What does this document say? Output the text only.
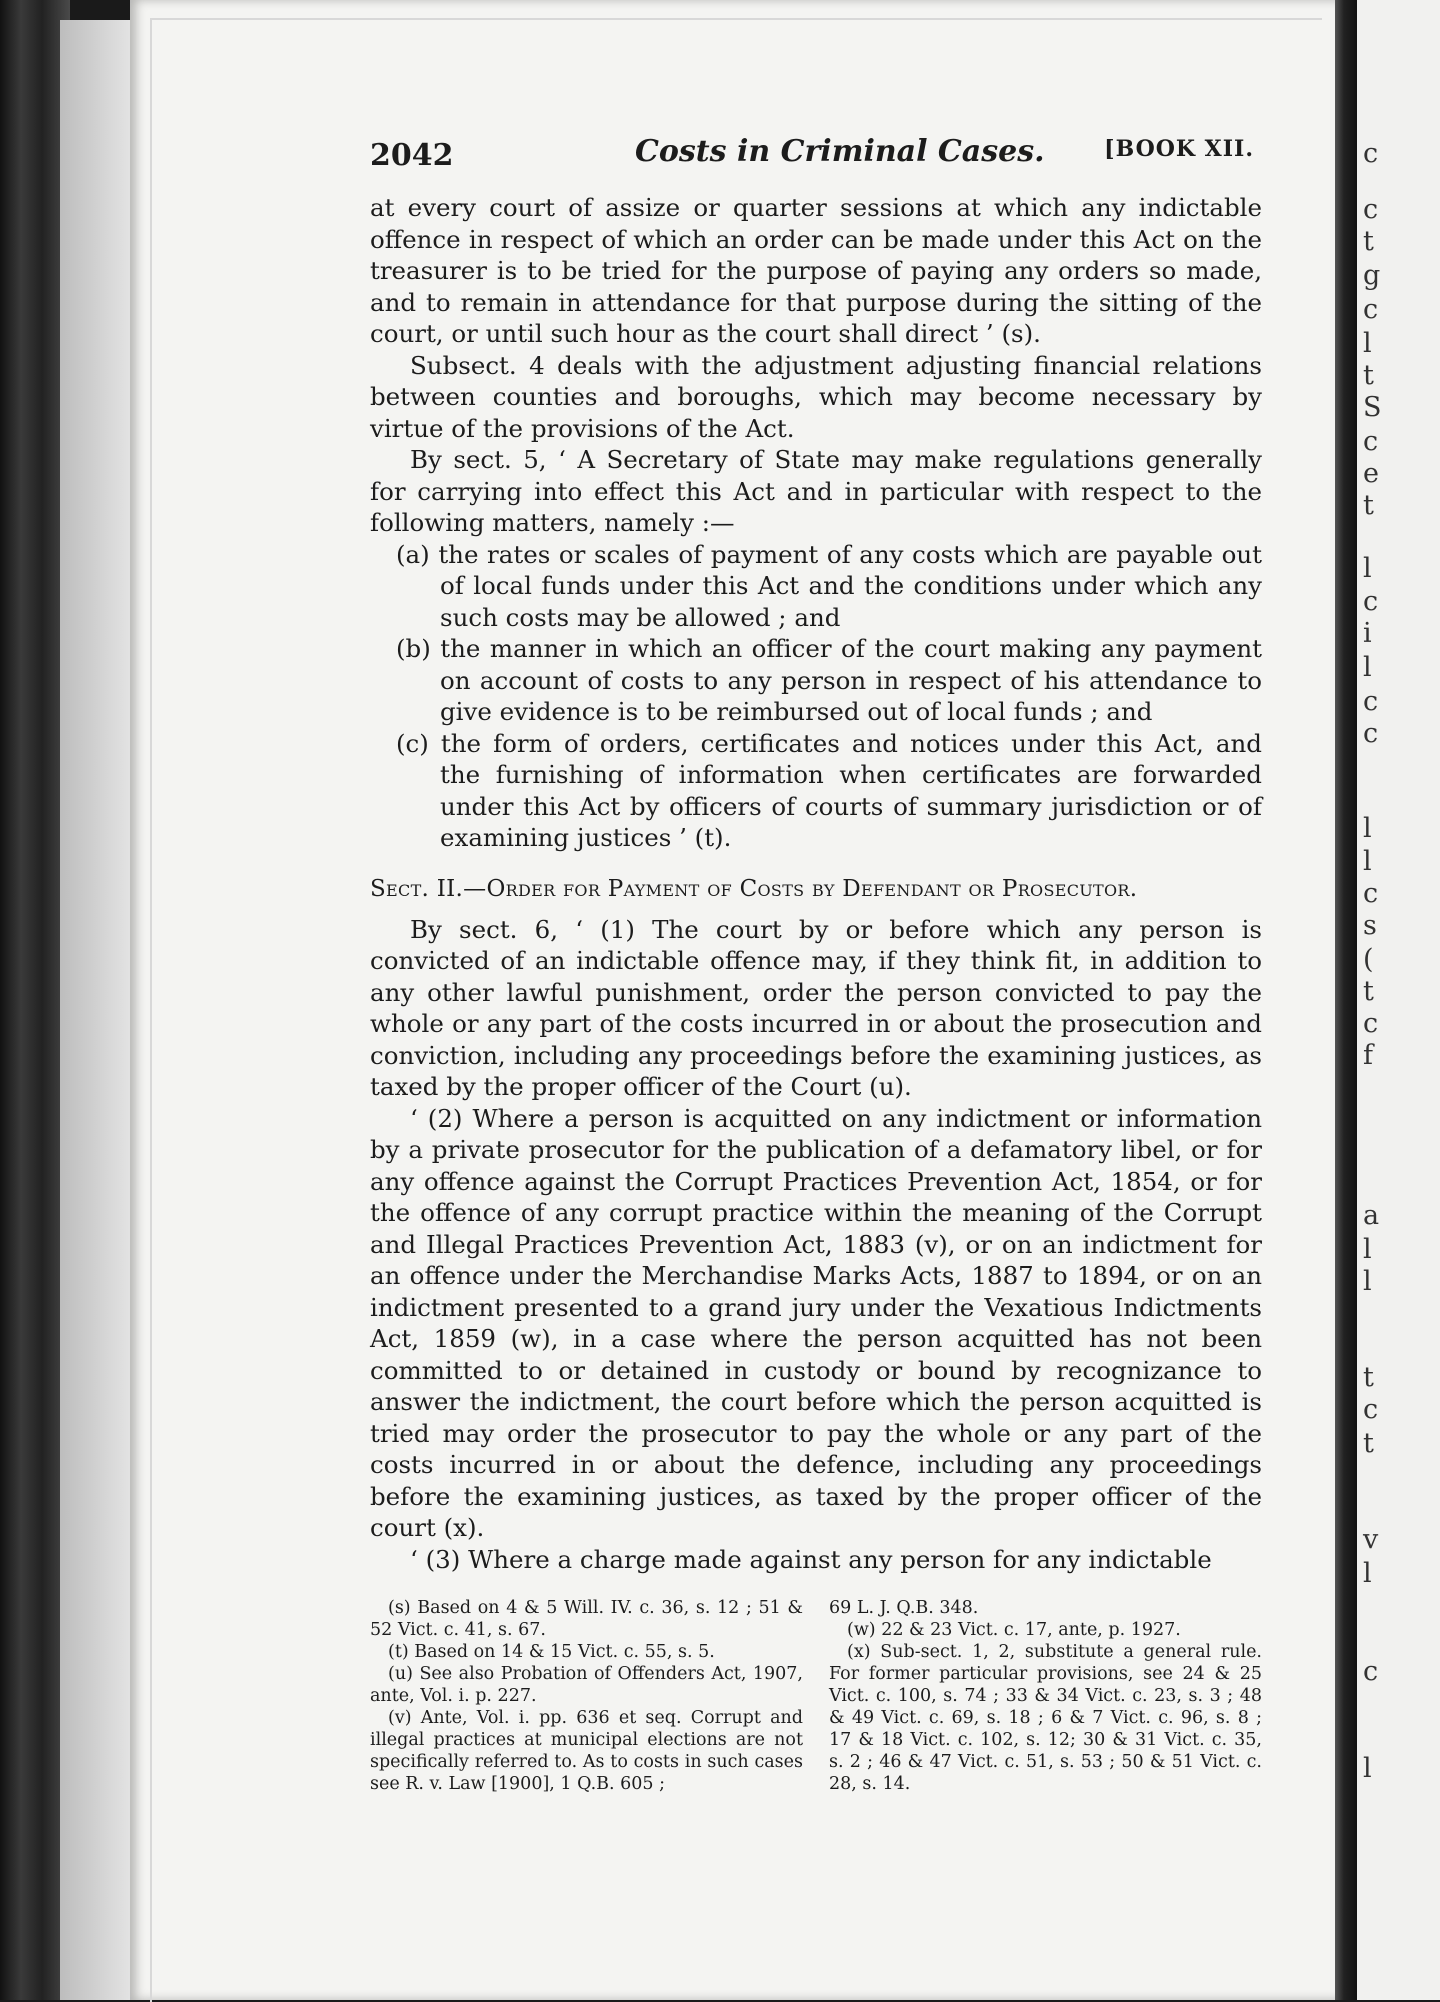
c
c
t
g
c
l
t
S
c
e
t
l
c
i
l
c
c
l
l
c
s
(
t
c
f
a
l
l
t
c
t
v
l
c
l
2042	Costs in Criminal Cases.	[BOOK XII.

at every court of assize or quarter sessions at which any indictable offence in respect of which an order can be made under this Act on the treasurer is to be tried for the purpose of paying any orders so made, and to remain in attendance for that purpose during the sitting of the court, or until such hour as the court shall direct ’ (s).

Subsect. 4 deals with the adjustment adjusting financial relations between counties and boroughs, which may become necessary by virtue of the provisions of the Act.

By sect. 5, ‘ A Secretary of State may make regulations generally for carrying into effect this Act and in particular with respect to the following matters, namely :—

(a) the rates or scales of payment of any costs which are payable out of local funds under this Act and the conditions under which any such costs may be allowed ; and
(b) the manner in which an officer of the court making any payment on account of costs to any person in respect of his attendance to give evidence is to be reimbursed out of local funds ; and
(c) the form of orders, certificates and notices under this Act, and the furnishing of information when certificates are forwarded under this Act by officers of courts of summary jurisdiction or of examining justices ’ (t).
Sect. II.—Order for Payment of Costs by Defendant or Prosecutor.

By sect. 6, ‘ (1) The court by or before which any person is convicted of an indictable offence may, if they think fit, in addition to any other lawful punishment, order the person convicted to pay the whole or any part of the costs incurred in or about the prosecution and conviction, including any proceedings before the examining justices, as taxed by the proper officer of the Court (u).

‘ (2) Where a person is acquitted on any indictment or information by a private prosecutor for the publication of a defamatory libel, or for any offence against the Corrupt Practices Prevention Act, 1854, or for the offence of any corrupt practice within the meaning of the Corrupt and Illegal Practices Prevention Act, 1883 (v), or on an indictment for an offence under the Merchandise Marks Acts, 1887 to 1894, or on an indictment presented to a grand jury under the Vexatious Indictments Act, 1859 (w), in a case where the person acquitted has not been committed to or detained in custody or bound by recognizance to answer the indictment, the court before which the person acquitted is tried may order the prosecutor to pay the whole or any part of the costs incurred in or about the defence, including any proceedings before the examining justices, as taxed by the proper officer of the court (x).

‘ (3) Where a charge made against any person for any indictable

(s) Based on 4 & 5 Will. IV. c. 36, s. 12 ; 51 & 52 Vict. c. 41, s. 67.

(t) Based on 14 & 15 Vict. c. 55, s. 5.

(u) See also Probation of Offenders Act, 1907, ante, Vol. i. p. 227.

(v) Ante, Vol. i. pp. 636 et seq. Corrupt and illegal practices at municipal elections are not specifically referred to. As to costs in such cases see R. v. Law [1900], 1 Q.B. 605 ;

69 L. J. Q.B. 348.

(w) 22 & 23 Vict. c. 17, ante, p. 1927.

(x) Sub-sect. 1, 2, substitute a general rule. For former particular provisions, see 24 & 25 Vict. c. 100, s. 74 ; 33 & 34 Vict. c. 23, s. 3 ; 48 & 49 Vict. c. 69, s. 18 ; 6 & 7 Vict. c. 96, s. 8 ; 17 & 18 Vict. c. 102, s. 12; 30 & 31 Vict. c. 35, s. 2 ; 46 & 47 Vict. c. 51, s. 53 ; 50 & 51 Vict. c. 28, s. 14.
